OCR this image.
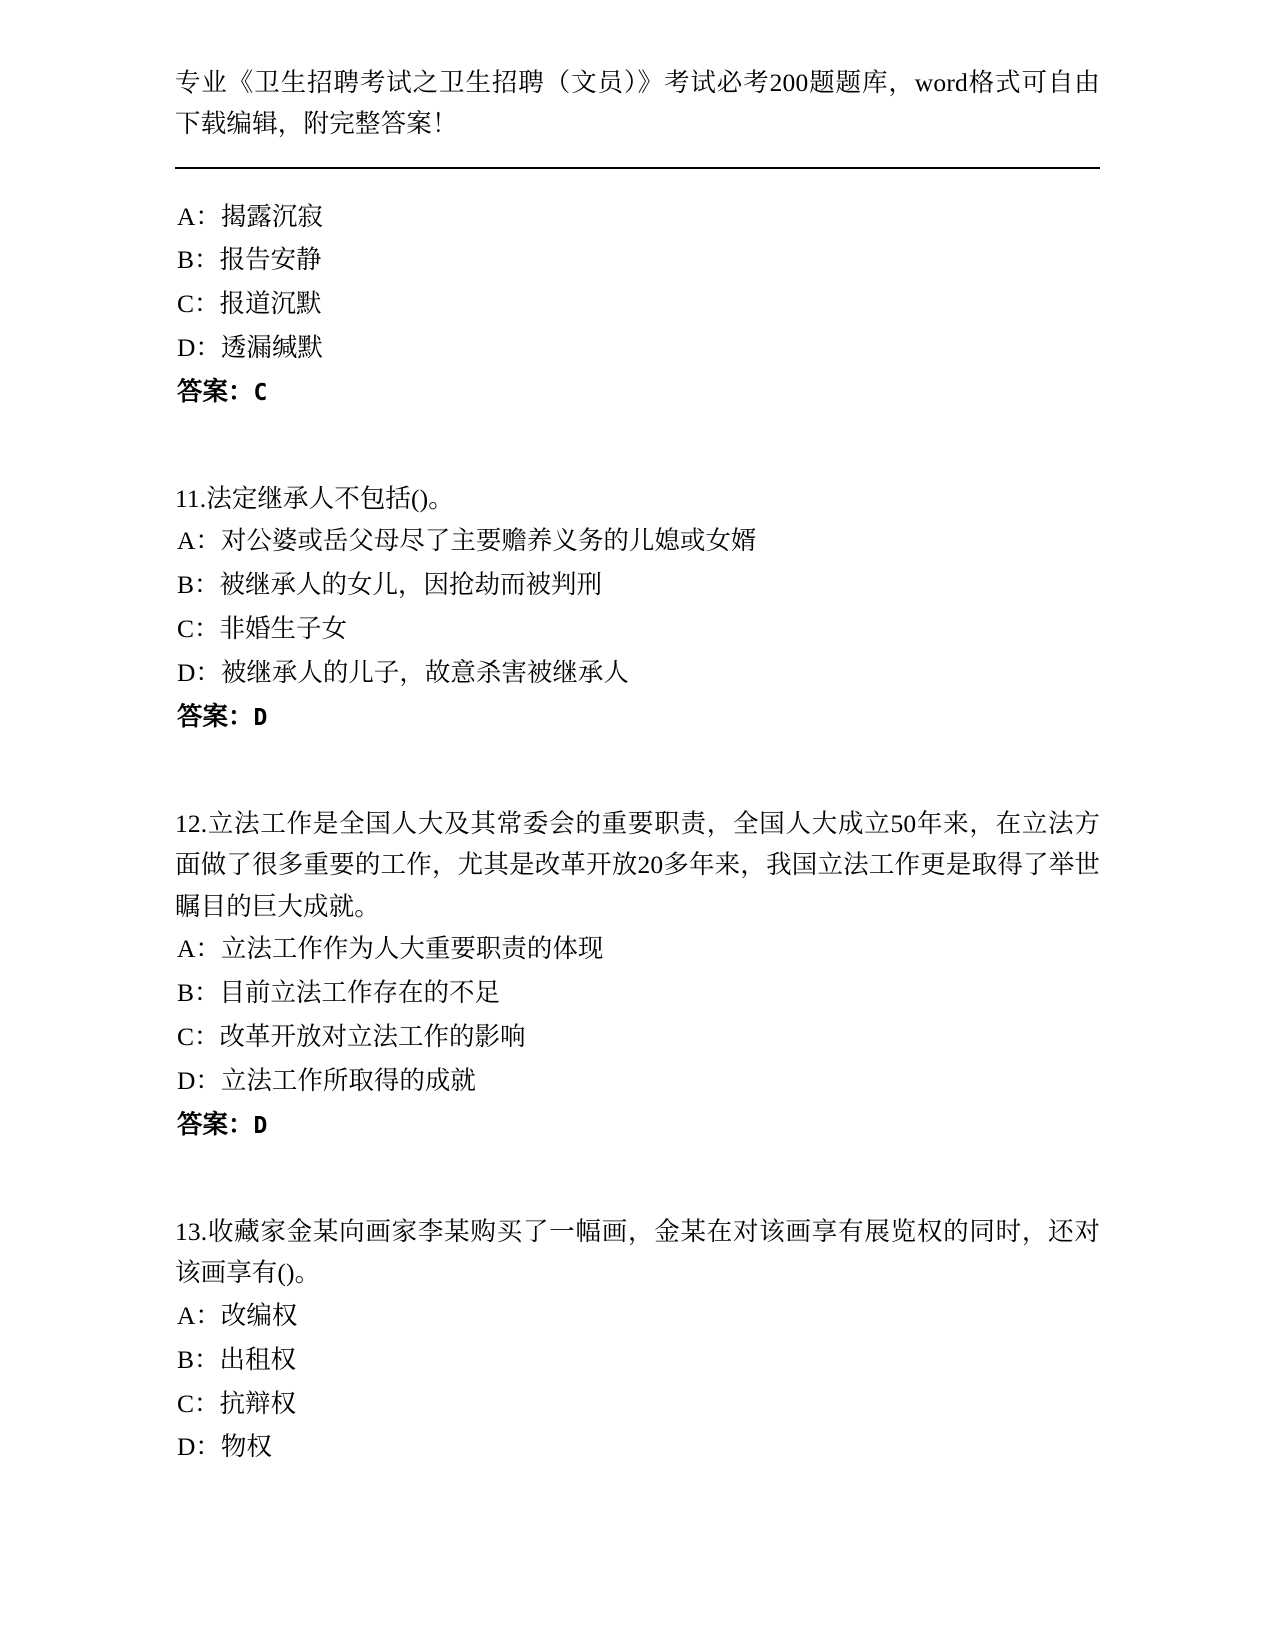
专业《卫生招聘考试之卫生招聘（文员）》考试必考200题题库，word格式可自由下载编辑，附完整答案！
A：揭露沉寂
B：报告安静
C：报道沉默
D：透漏缄默
答案：C
11.法定继承人不包括()。
A：对公婆或岳父母尽了主要赡养义务的儿媳或女婿
B：被继承人的女儿，因抢劫而被判刑
C：非婚生子女
D：被继承人的儿子，故意杀害被继承人
答案：D
12.立法工作是全国人大及其常委会的重要职责，全国人大成立50年来，在立法方面做了很多重要的工作，尤其是改革开放20多年来，我国立法工作更是取得了举世瞩目的巨大成就。
A：立法工作作为人大重要职责的体现
B：目前立法工作存在的不足
C：改革开放对立法工作的影响
D：立法工作所取得的成就
答案：D
13.收藏家金某向画家李某购买了一幅画，金某在对该画享有展览权的同时，还对该画享有()。
A：改编权
B：出租权
C：抗辩权
D：物权
